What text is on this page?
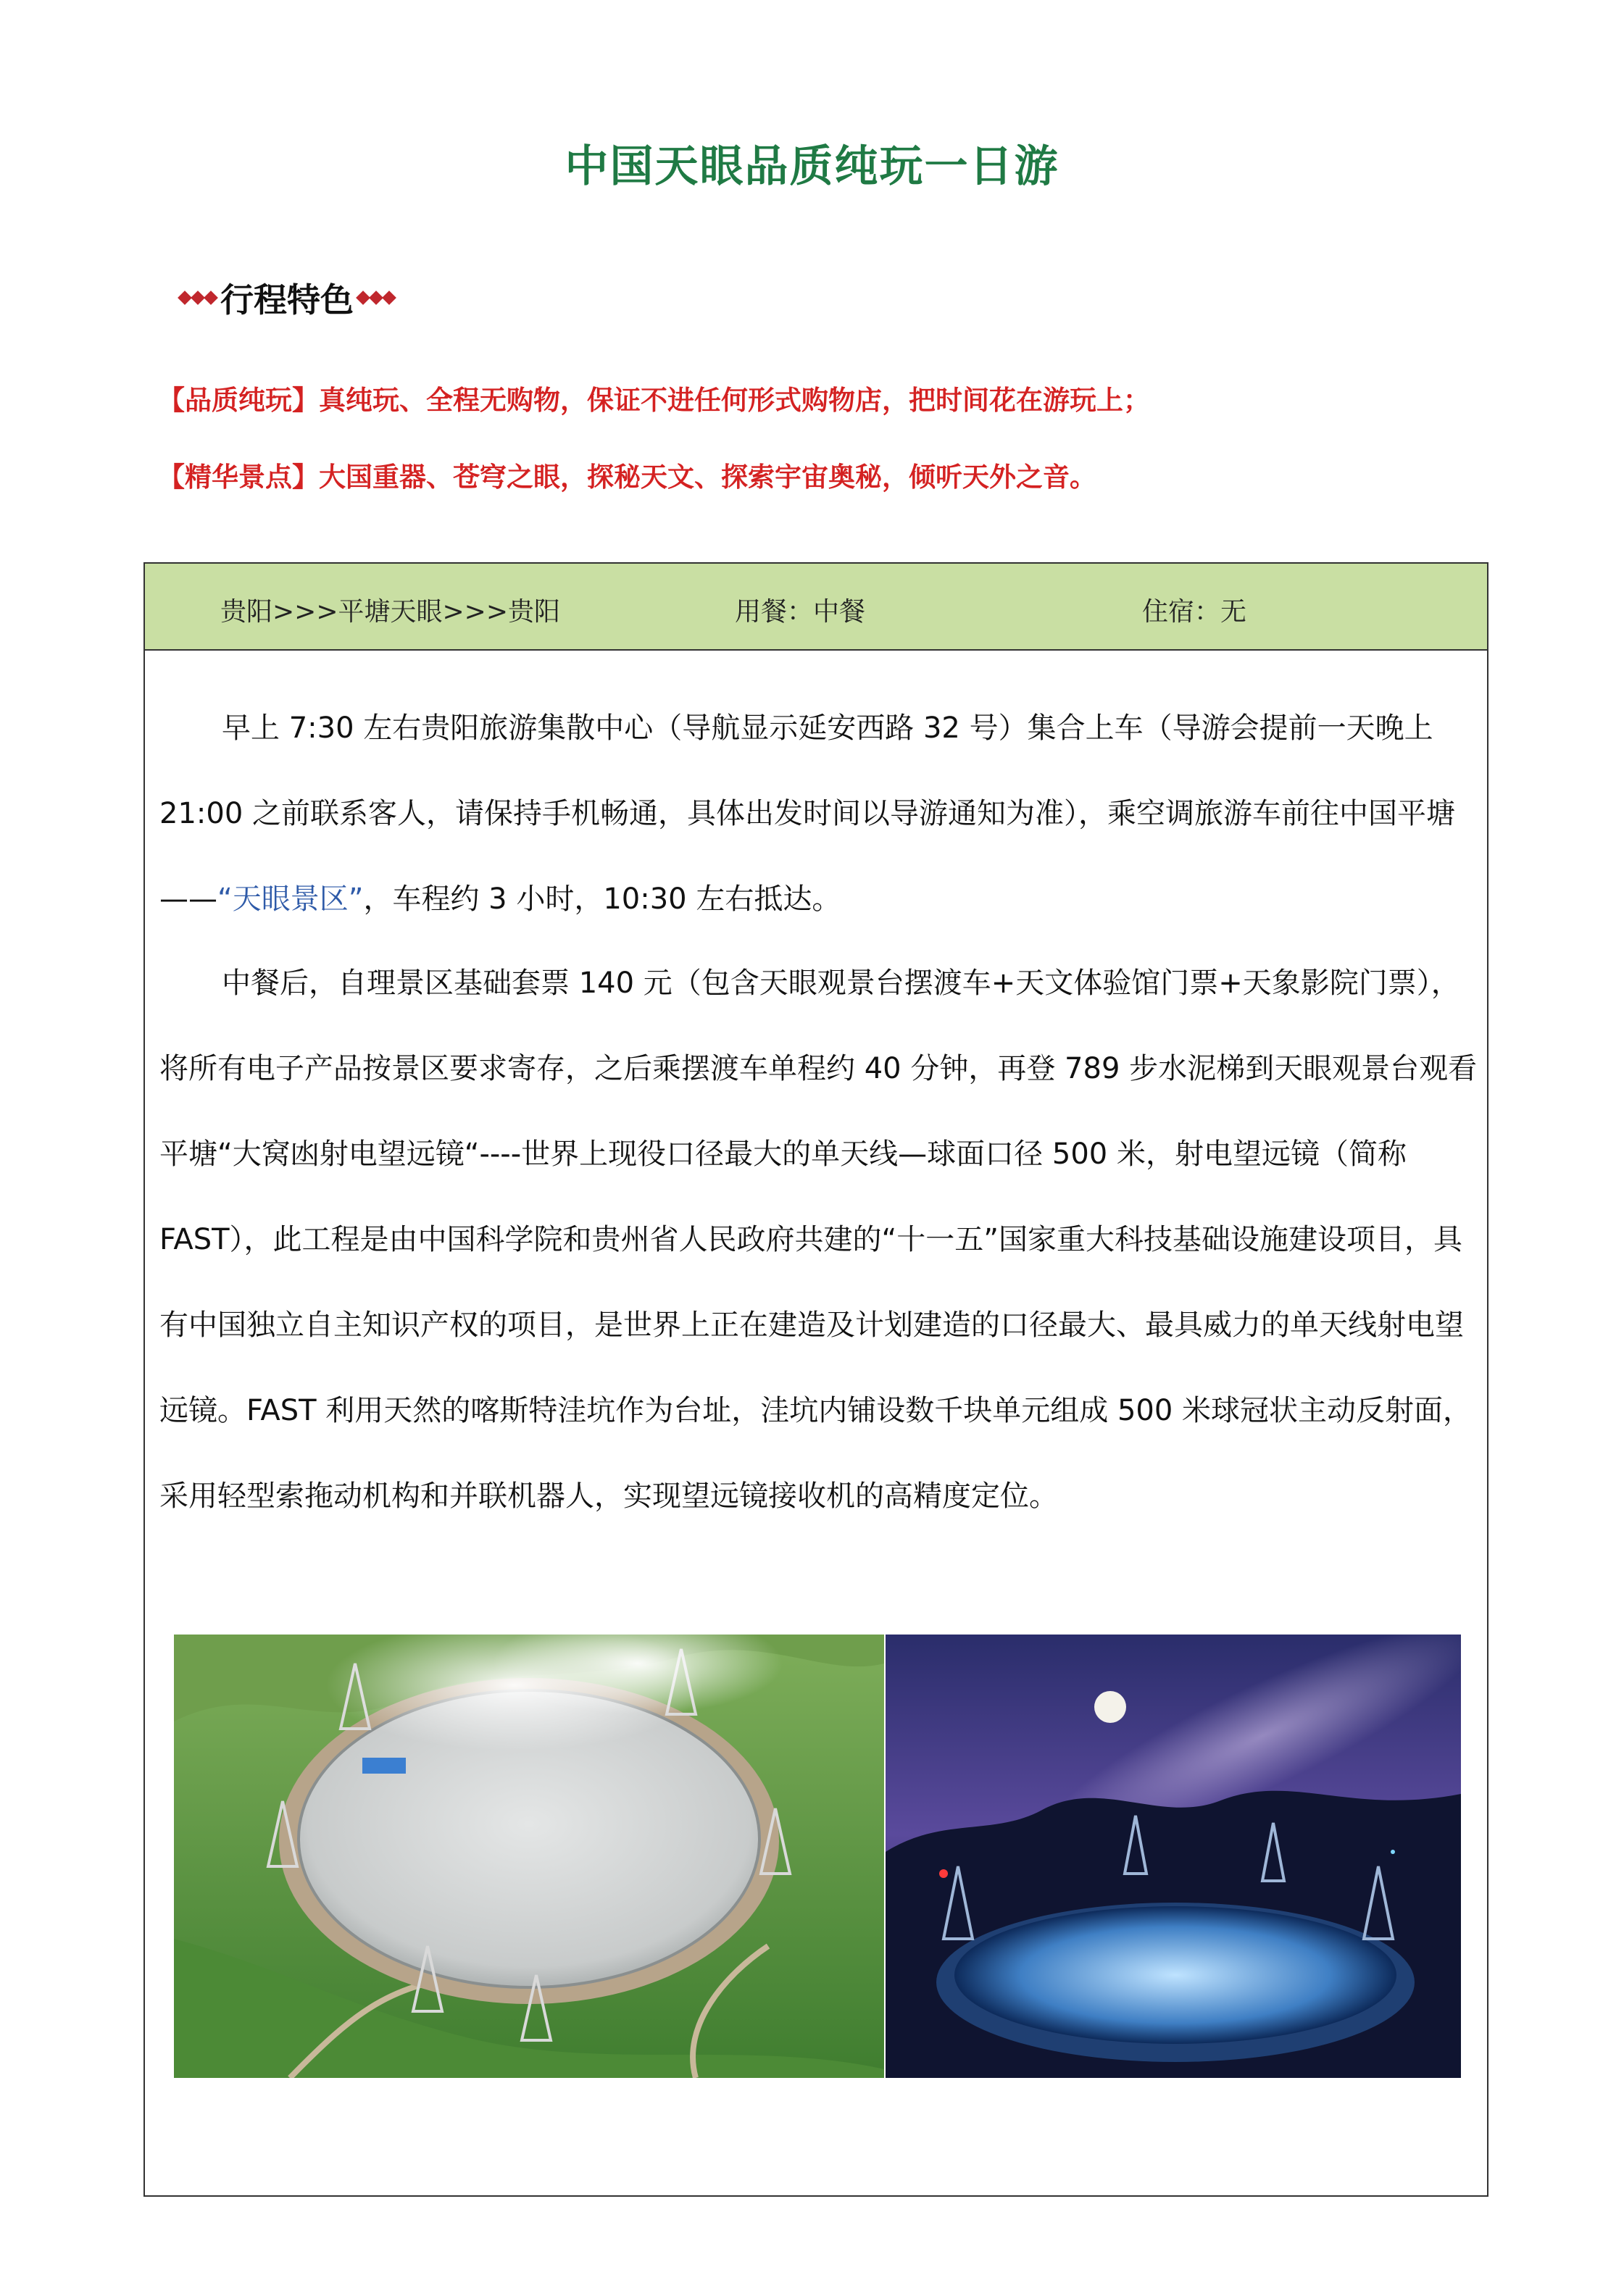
中国天眼品质纯玩一日游
行程特色
【品质纯玩】真纯玩、全程无购物，保证不进任何形式购物店，把时间花在游玩上；
【精华景点】大国重器、苍穹之眼，探秘天文、探索宇宙奥秘，倾听天外之音。
贵阳>>>平塘天眼>>>贵阳	用餐：中餐	住宿：无
早上 7:30 左右贵阳旅游集散中心（导航显示延安西路 32 号）集合上车（导游会提前一天晚上 21:00 之前联系客人，请保持手机畅通，具体出发时间以导游通知为准），乘空调旅游车前往中国平塘——“天眼景区”，车程约 3 小时，10:30 左右抵达。
中餐后，自理景区基础套票 140 元（包含天眼观景台摆渡车+天文体验馆门票+天象影院门票），将所有电子产品按景区要求寄存，之后乘摆渡车单程约 40 分钟，再登 789 步水泥梯到天眼观景台观看平塘“大窝凼射电望远镜“----世界上现役口径最大的单天线—球面口径 500 米，射电望远镜（简称 FAST），此工程是由中国科学院和贵州省人民政府共建的“十一五”国家重大科技基础设施建设项目，具有中国独立自主知识产权的项目，是世界上正在建造及计划建造的口径最大、最具威力的单天线射电望远镜。FAST 利用天然的喀斯特洼坑作为台址，洼坑内铺设数千块单元组成 500 米球冠状主动反射面，采用轻型索拖动机构和并联机器人，实现望远镜接收机的高精度定位。
